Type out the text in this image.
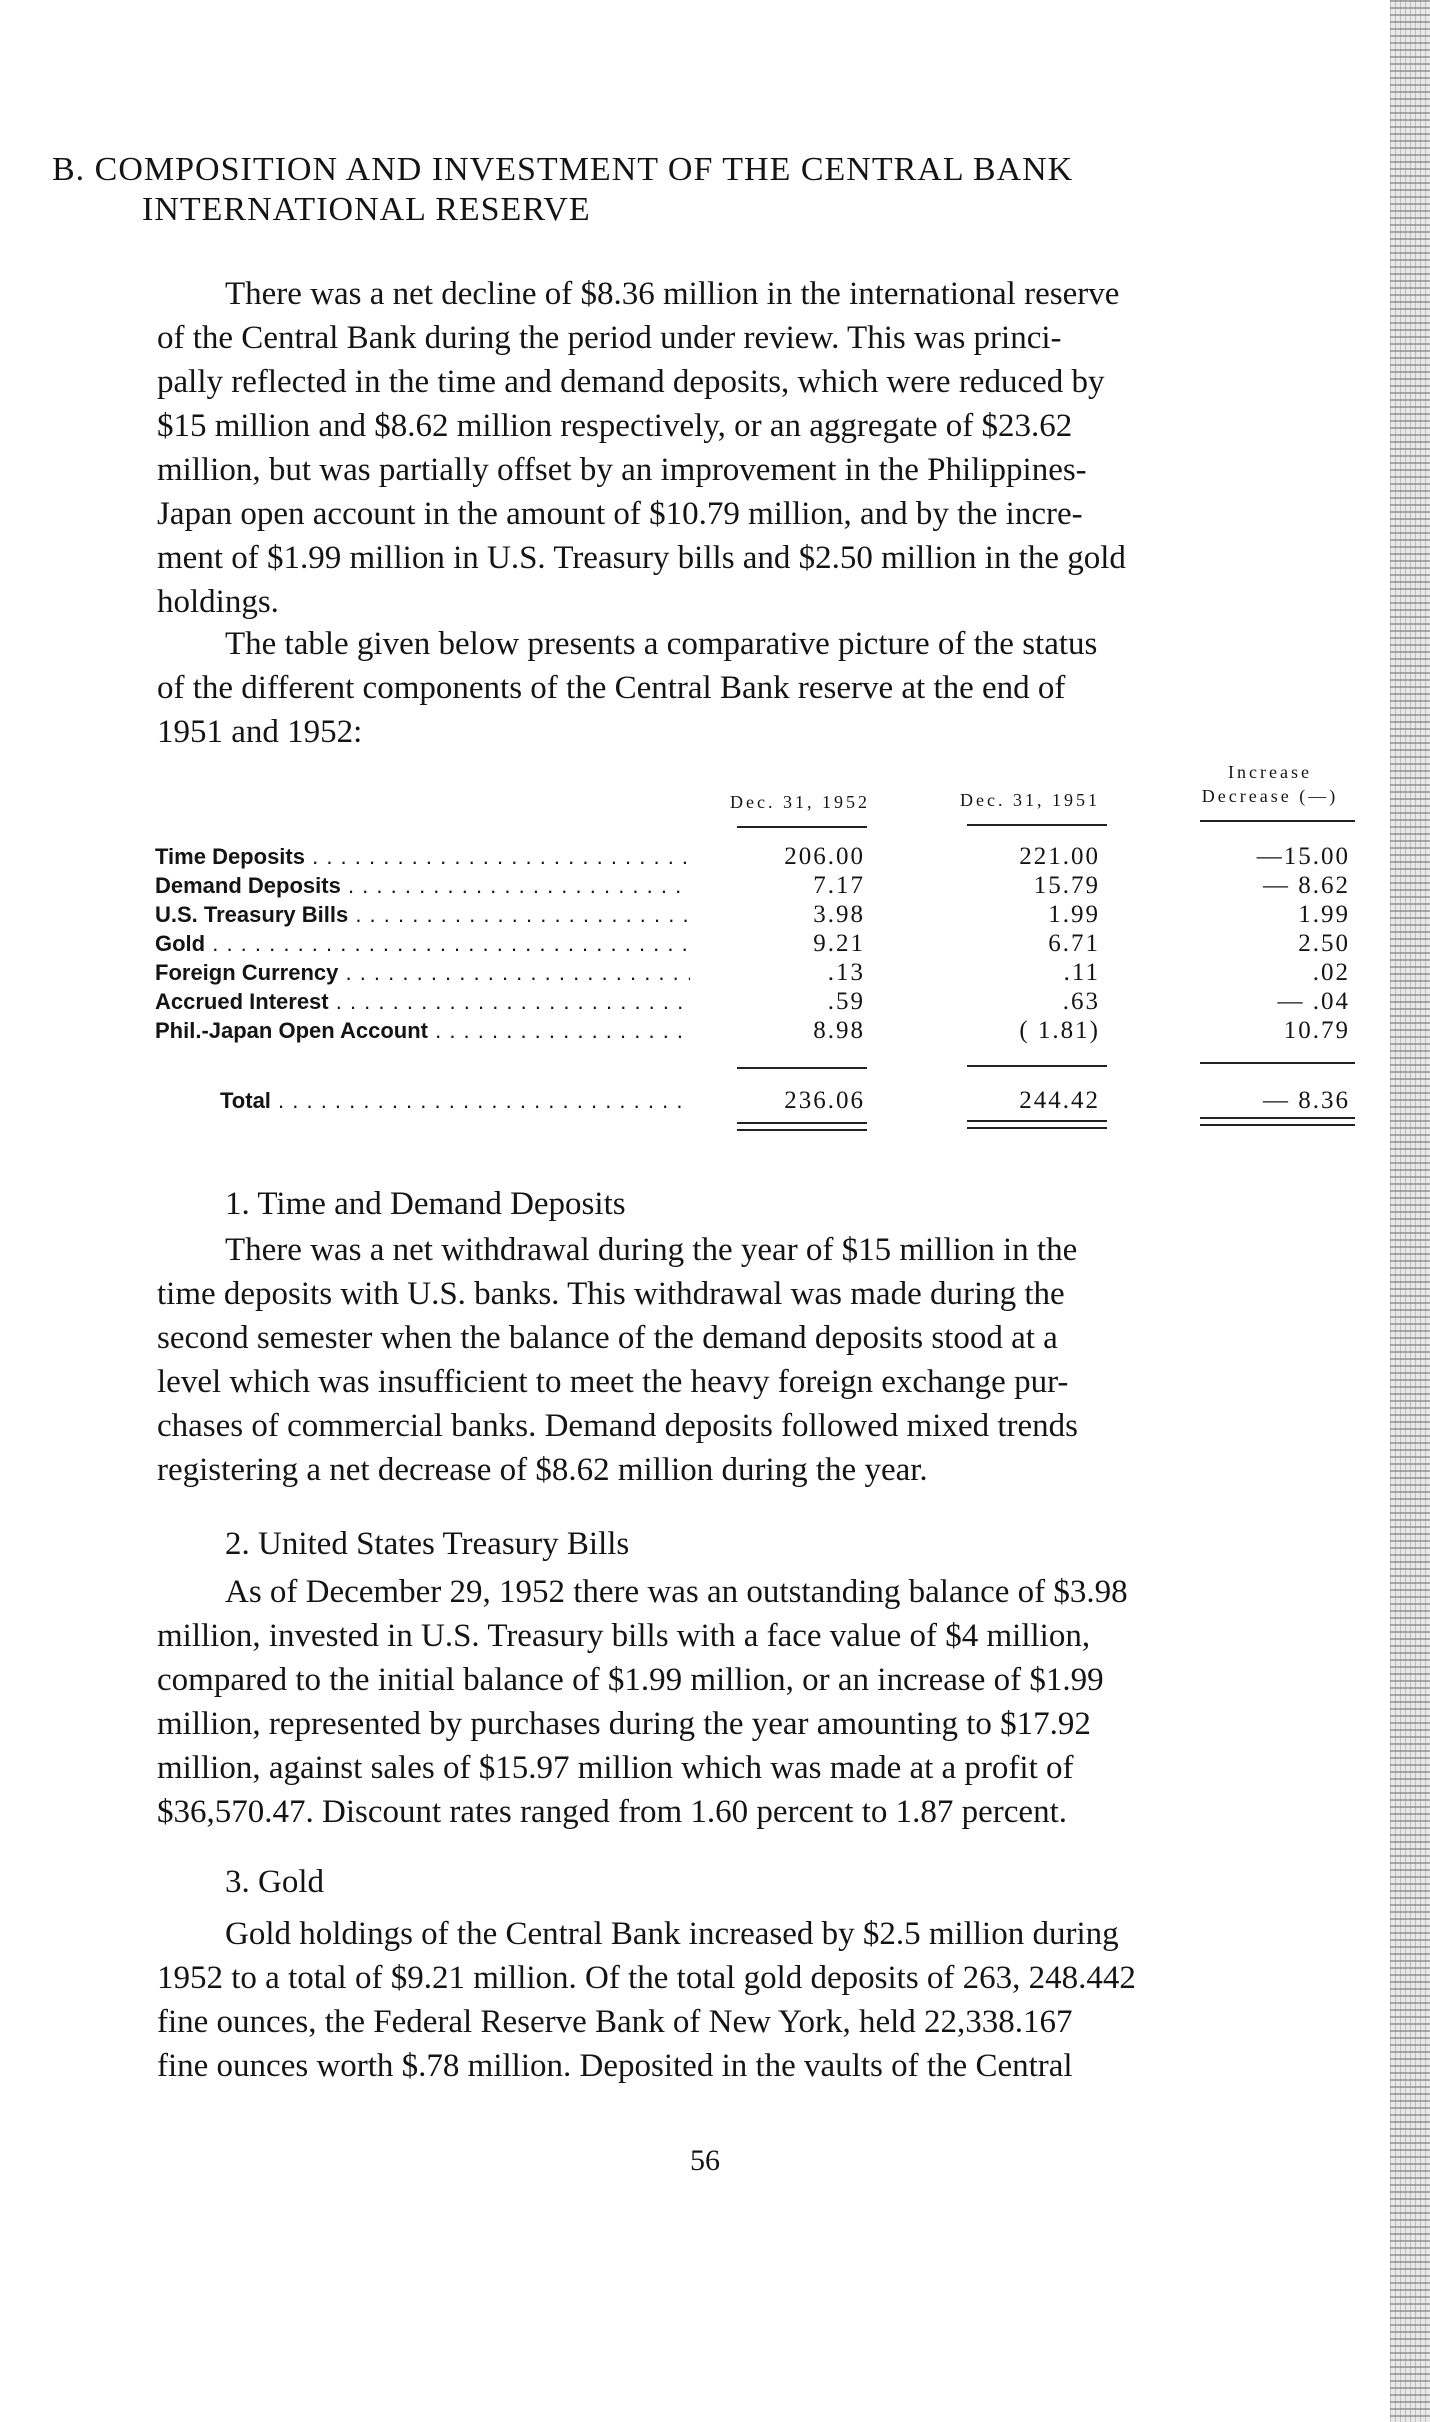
B. COMPOSITION AND INVESTMENT OF THE CENTRAL BANK
INTERNATIONAL RESERVE
There was a net decline of $8.36 million in the international reserve
of the Central Bank during the period under review. This was princi-
pally reflected in the time and demand deposits, which were reduced by
$15 million and $8.62 million respectively, or an aggregate of $23.62
million, but was partially offset by an improvement in the Philippines-
Japan open account in the amount of $10.79 million, and by the incre-
ment of $1.99 million in U.S. Treasury bills and $2.50 million in the gold
holdings.
The table given below presents a comparative picture of the status
of the different components of the Central Bank reserve at the end of
1951 and 1952:
Dec. 31, 1952	Dec. 31, 1951
Increase
Decrease (—)
Time Deposits . . .	206.00	221.00	—15.00
Demand Deposits . . .	7.17	15.79	— 8.62
U.S. Treasury Bills . . .	3.98	1.99	1.99
Gold . . .	9.21	6.71	2.50
Foreign Currency . . .	.13	.11	.02
Accrued Interest . . .	.59	.63	— .04
Phil.-Japan Open Account . . .	8.98	( 1.81)	10.79
Total . . .	236.06	244.42	— 8.36
1. Time and Demand Deposits
There was a net withdrawal during the year of $15 million in the
time deposits with U.S. banks. This withdrawal was made during the
second semester when the balance of the demand deposits stood at a
level which was insufficient to meet the heavy foreign exchange pur-
chases of commercial banks. Demand deposits followed mixed trends
registering a net decrease of $8.62 million during the year.
2. United States Treasury Bills
As of December 29, 1952 there was an outstanding balance of $3.98
million, invested in U.S. Treasury bills with a face value of $4 million,
compared to the initial balance of $1.99 million, or an increase of $1.99
million, represented by purchases during the year amounting to $17.92
million, against sales of $15.97 million which was made at a profit of
$36,570.47. Discount rates ranged from 1.60 percent to 1.87 percent.
3. Gold
Gold holdings of the Central Bank increased by $2.5 million during
1952 to a total of $9.21 million. Of the total gold deposits of 263, 248.442
fine ounces, the Federal Reserve Bank of New York, held 22,338.167
fine ounces worth $.78 million. Deposited in the vaults of the Central
56
